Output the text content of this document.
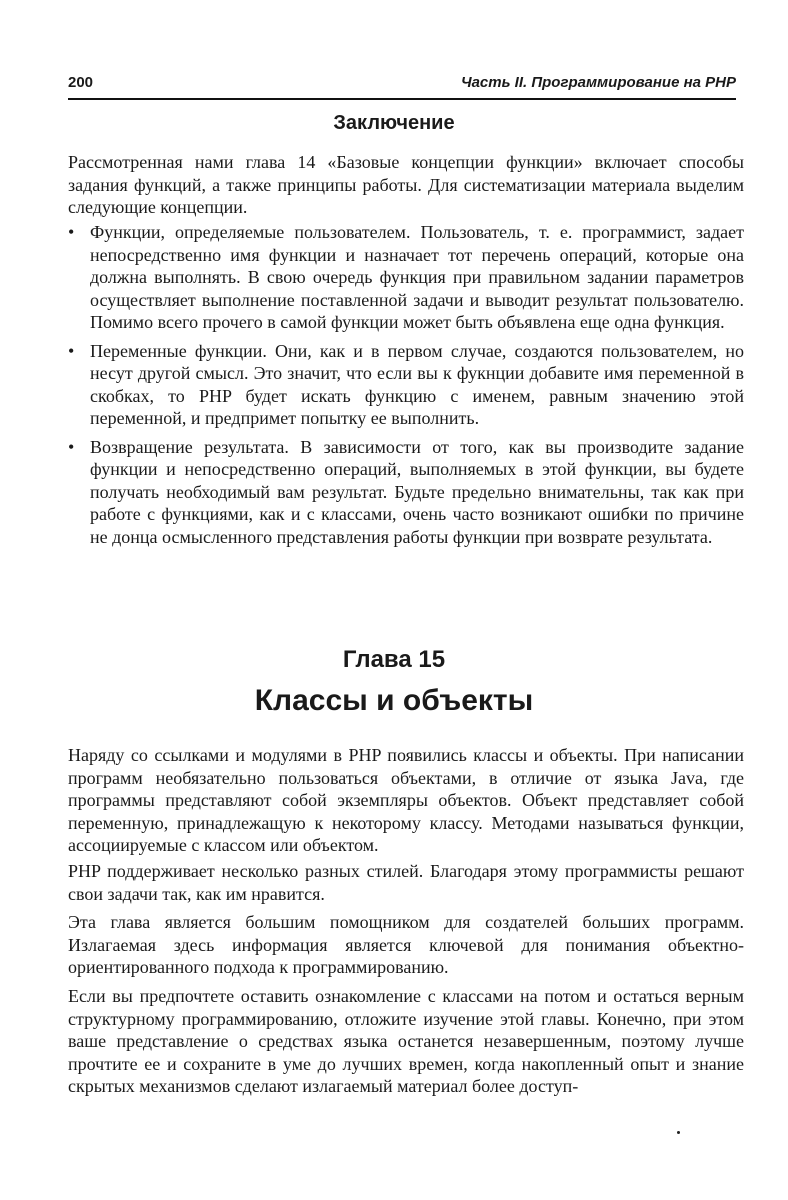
200	Часть II. Программирование на PHP
Заключение

Рассмотренная нами глава 14 «Базовые концепции функции» включает способы задания функций, а также принципы работы. Для систематизации материала выделим следующие концепции.

• Функции, определяемые пользователем. Пользователь, т. е. программист, задает непосредственно имя функции и назначает тот перечень операций, которые она должна выполнять. В свою очередь функция при правильном задании параметров осуществляет выполнение поставленной задачи и выводит результат пользователю. Помимо всего прочего в самой функции может быть объявлена еще одна функция.
• Переменные функции. Они, как и в первом случае, создаются пользователем, но несут другой смысл. Это значит, что если вы к фукнции добавите имя переменной в скобках, то PHP будет искать функцию с именем, равным значению этой переменной, и предпримет попытку ее выполнить.
• Возвращение результата. В зависимости от того, как вы производите задание функции и непосредственно операций, выполняемых в этой функции, вы будете получать необходимый вам результат. Будьте предельно внимательны, так как при работе с функциями, как и с классами, очень часто возникают ошибки по причине не донца осмысленного представления работы функции при возврате результата.
Глава 15
Классы и объекты

Наряду со ссылками и модулями в PHP появились классы и объекты. При написании программ необязательно пользоваться объектами, в отличие от языка Java, где программы представляют собой экземпляры объектов. Объект представляет собой переменную, принадлежащую к некоторому классу. Методами называться функции, ассоциируемые с классом или объектом.

PHP поддерживает несколько разных стилей. Благодаря этому программисты решают свои задачи так, как им нравится.

Эта глава является большим помощником для создателей больших программ. Излагаемая здесь информация является ключевой для понимания объектно-ориентированного подхода к программированию.

Если вы предпочтете оставить ознакомление с классами на потом и остаться верным структурному программированию, отложите изучение этой главы. Конечно, при этом ваше представление о средствах языка останется незавершенным, поэтому лучше прочтите ее и сохраните в уме до лучших времен, когда накопленный опыт и знание скрытых механизмов сделают излагаемый материал более доступ-
